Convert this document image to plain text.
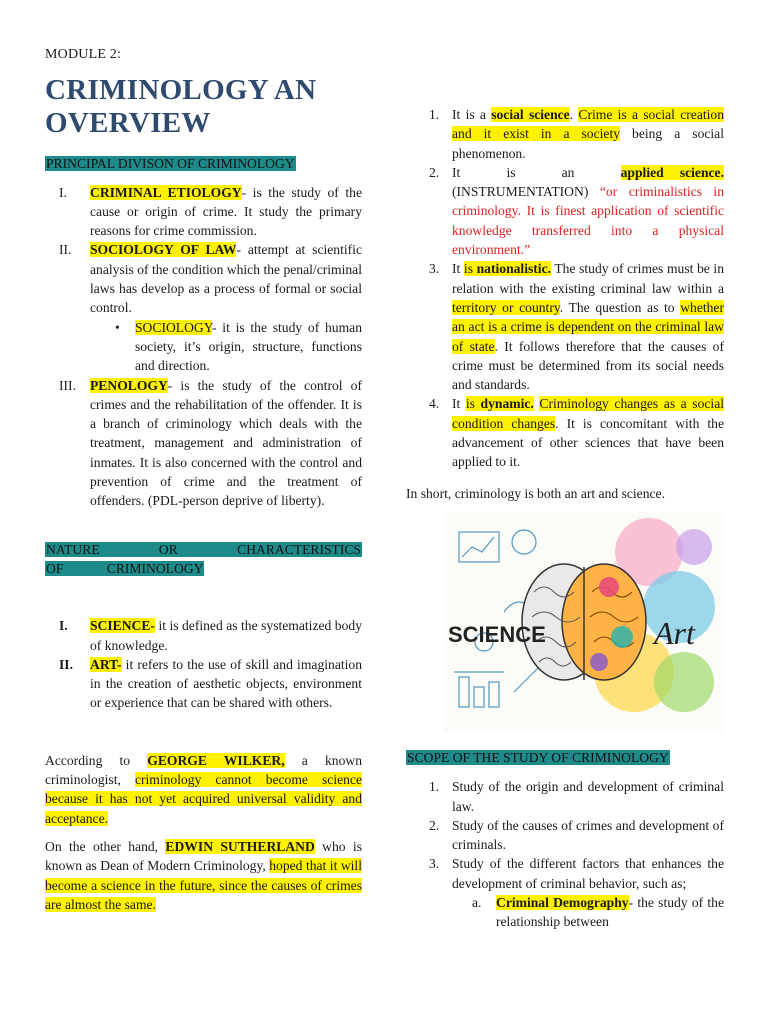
MODULE 2:

CRIMINOLOGY AN
OVERVIEW

PRINCIPAL DIVISON OF CRIMINOLOGY

I. CRIMINAL ETIOLOGY- is the study of the cause or origin of crime. It study the primary reasons for crime commission.
II. SOCIOLOGY OF LAW- attempt at scientific analysis of the condition which the penal/criminal laws has develop as a process of formal or social control.
• SOCIOLOGY- it is the study of human society, it’s origin, structure, functions and direction.
III. PENOLOGY- is the study of the control of crimes and the rehabilitation of the offender. It is a branch of criminology which deals with the treatment, management and administration of inmates. It is also concerned with the control and prevention of crime and the treatment of offenders. (PDL-person deprive of liberty).

NATURE OR CHARACTERISTICS OF CRIMINOLOGY

I. SCIENCE- it is defined as the systematized body of knowledge.
II. ART- it refers to the use of skill and imagination in the creation of aesthetic objects, environment or experience that can be shared with others.

According to GEORGE WILKER, a known criminologist, criminology cannot become science because it has not yet acquired universal validity and acceptance.

On the other hand, EDWIN SUTHERLAND who is known as Dean of Modern Criminology, hoped that it will become a science in the future, since the causes of crimes are almost the same.

1. It is a social science. Crime is a social creation and it exist in a society being a social phenomenon.
2. It is an applied science. (INSTRUMENTATION) “or criminalistics in criminology. It is finest application of scientific knowledge transferred into a physical environment.”
3. It is nationalistic. The study of crimes must be in relation with the existing criminal law within a territory or country. The question as to whether an act is a crime is dependent on the criminal law of state. It follows therefore that the causes of crime must be determined from its social needs and standards.
4. It is dynamic. Criminology changes as a social condition changes. It is concomitant with the advancement of other sciences that have been applied to it.

In short, criminology is both an art and science.

SCIENCE	Art

SCOPE OF THE STUDY OF CRIMINOLOGY

1. Study of the origin and development of criminal law.
2. Study of the causes of crimes and development of criminals.
3. Study of the different factors that enhances the development of criminal behavior, such as;
a. Criminal Demography- the study of the relationship between
